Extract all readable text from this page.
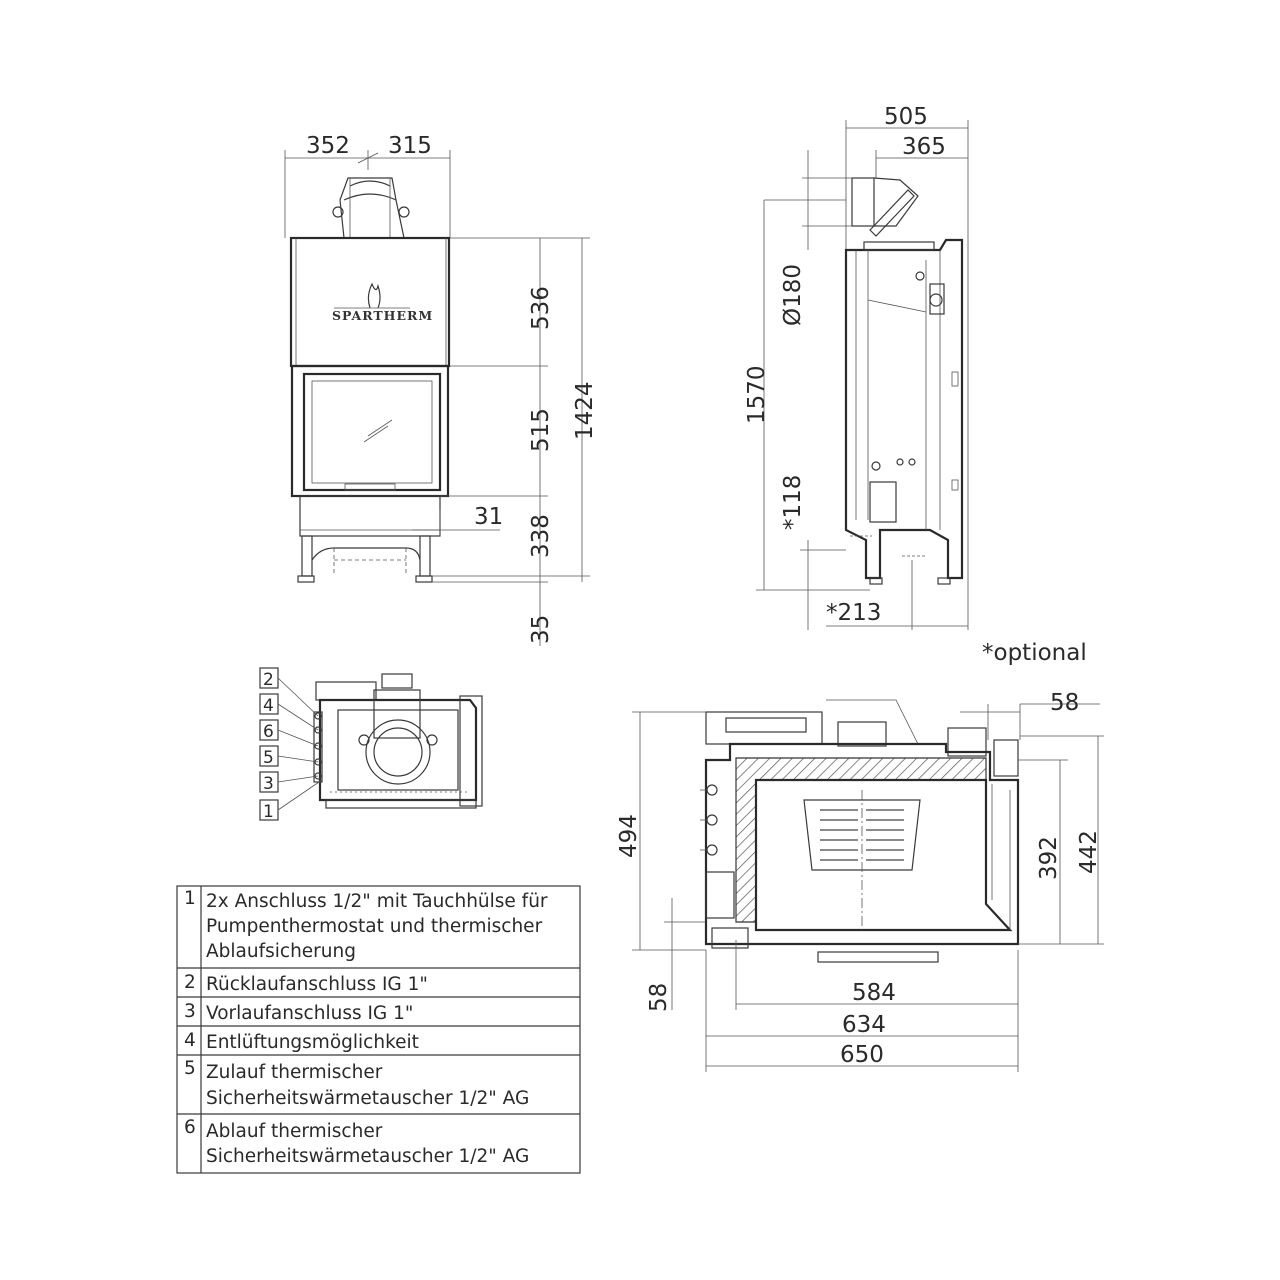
352 315
SPARTHERM	536
515
338
35
1424
31
505
365
Ø180
1570
*118
*213
*optional
2
4
6
5
3
1
58
494
58
392 442
584
634
650
1 2x Anschluss 1/2" mit Tauchhülse für
Pumpenthermostat und thermischer
Ablaufsicherung
2 Rücklaufanschluss IG 1"
3 Vorlaufanschluss IG 1"
4 Entlüftungsmöglichkeit
5 Zulauf thermischer
Sicherheitswärmetauscher 1/2" AG
6 Ablauf thermischer
Sicherheitswärmetauscher 1/2" AG
